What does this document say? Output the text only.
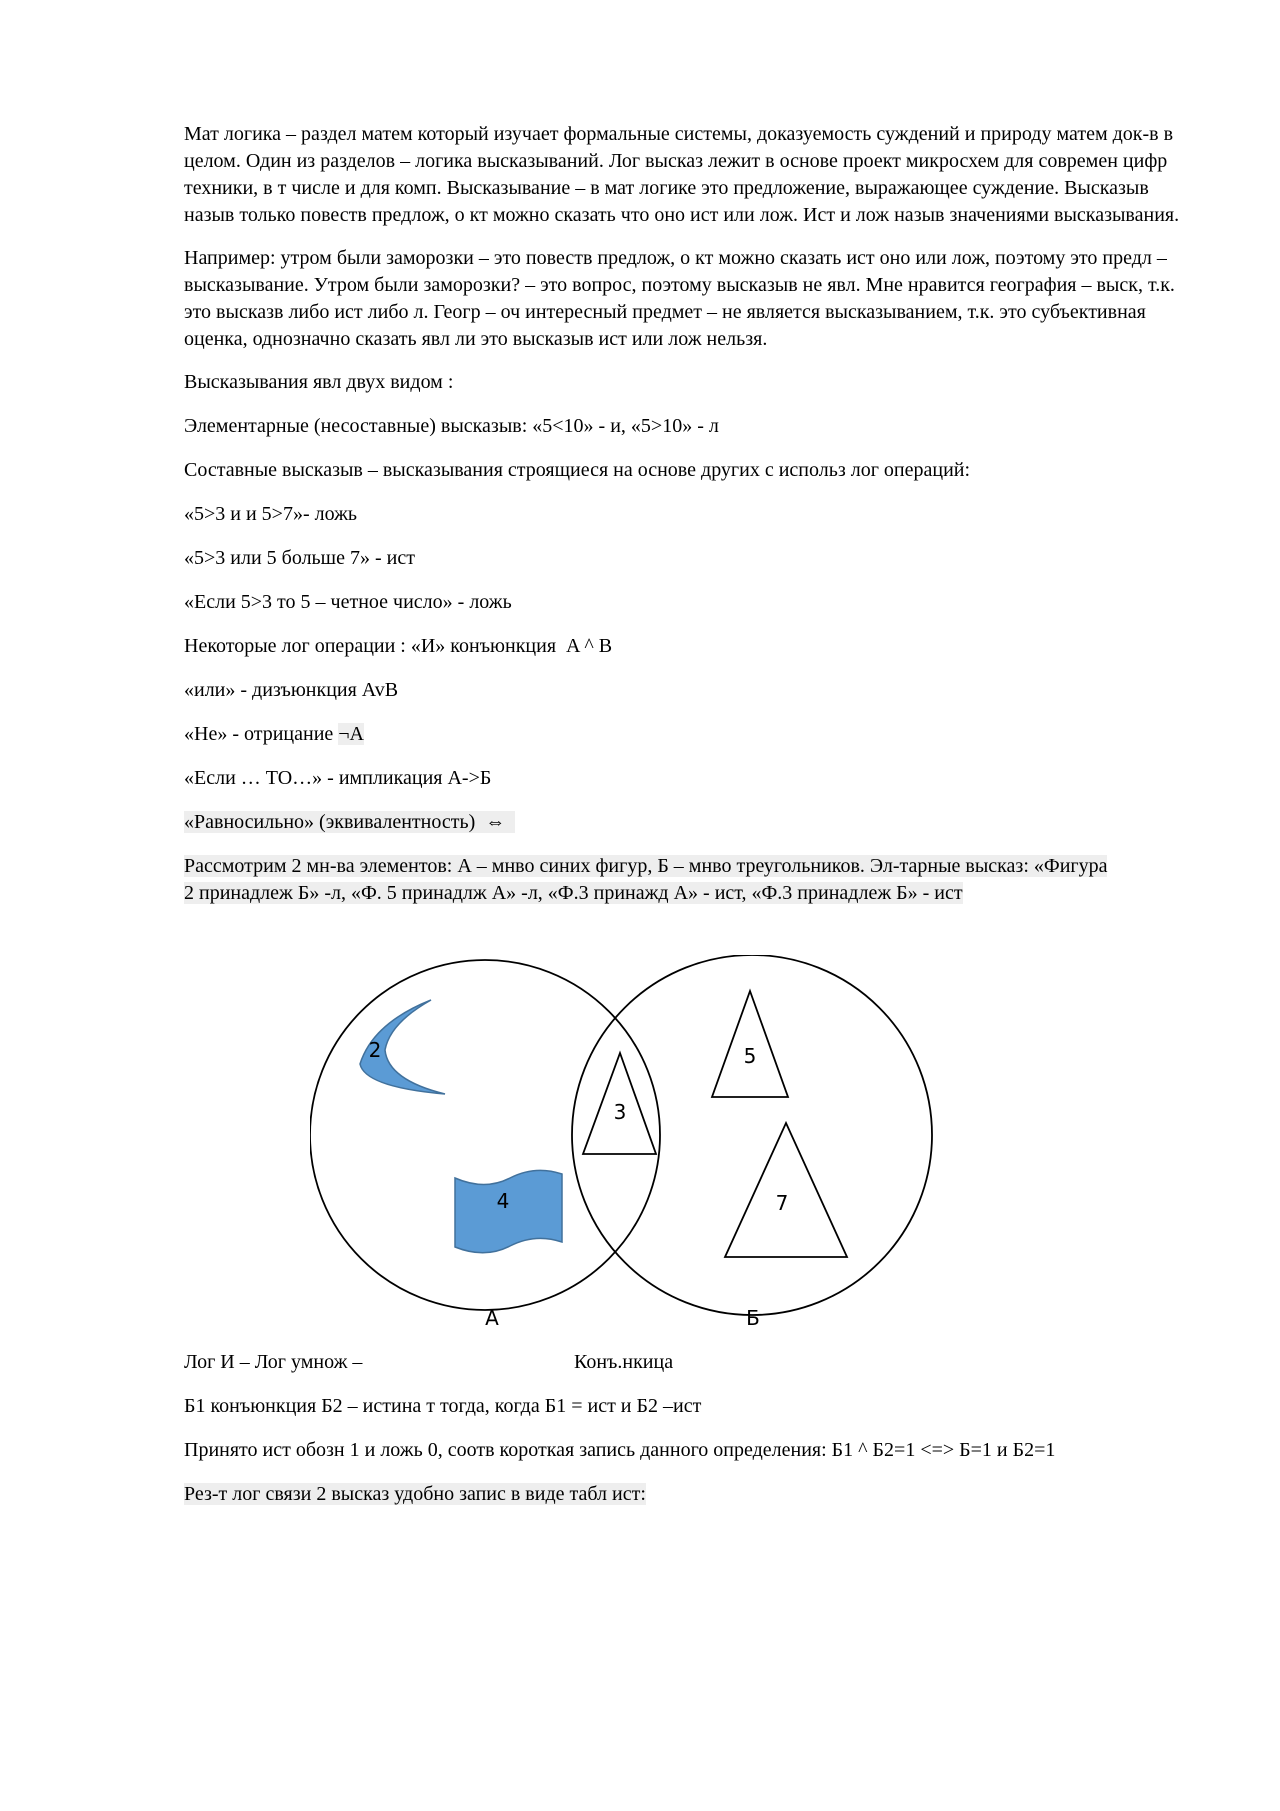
Мат логика – раздел матем который изучает формальные системы, доказуемость суждений и природу матем док-в в целом. Один из разделов – логика высказываний. Лог высказ лежит в основе проект микросхем для современ цифр техники, в т числе и для комп. Высказывание – в мат логике это предложение, выражающее суждение. Высказыв назыв только повеств предлож, о кт можно сказать что оно ист или лож. Ист и лож назыв значениями высказывания.

Например: утром были заморозки – это повеств предлож, о кт можно сказать ист оно или лож, поэтому это предл – высказывание. Утром были заморозки? – это вопрос, поэтому высказыв не явл. Мне нравится география – выск, т.к. это высказв либо ист либо л. Геогр – оч интересный предмет – не является высказыванием, т.к. это субъективная оценка, однозначно сказать явл ли это высказыв ист или лож нельзя.

Высказывания явл двух видом :

Элементарные (несоставные) высказыв: «5<10» - и, «5>10» - л

Составные высказыв – высказывания строящиеся на основе других с использ лог операций:

«5>3 и и 5>7»- ложь

«5>3 или 5 больше 7» - ист

«Если 5>3 то 5 – четное число» - ложь

Некоторые лог операции : «И» конъюнкция  A ^ B

«или» - дизъюнкция AvB

«Не» - отрицание ¬A

«Если … ТО…» - импликация А->Б

«Равносильно» (эквивалентность)  ⇔

Рассмотрим 2 мн-ва элементов: А – мнво синих фигур, Б – мнво треугольников. Эл-тарные высказ: «Фигура
2 принадлеж Б» -л, «Ф. 5 принадлж А» -л, «Ф.3 принажд А» - ист, «Ф.3 принадлеж Б» - ист

2
4
3
5
7
А	Б
Лог И – Лог умнож –	Конъ.нкицa

Б1 конъюнкция Б2 – истина т тогда, когда Б1 = ист и Б2 –ист

Принято ист обозн 1 и ложь 0, соотв короткая запись данного определения: Б1 ^ Б2=1 <=> Б=1 и Б2=1

Рез-т лог связи 2 высказ удобно запис в виде табл ист:
